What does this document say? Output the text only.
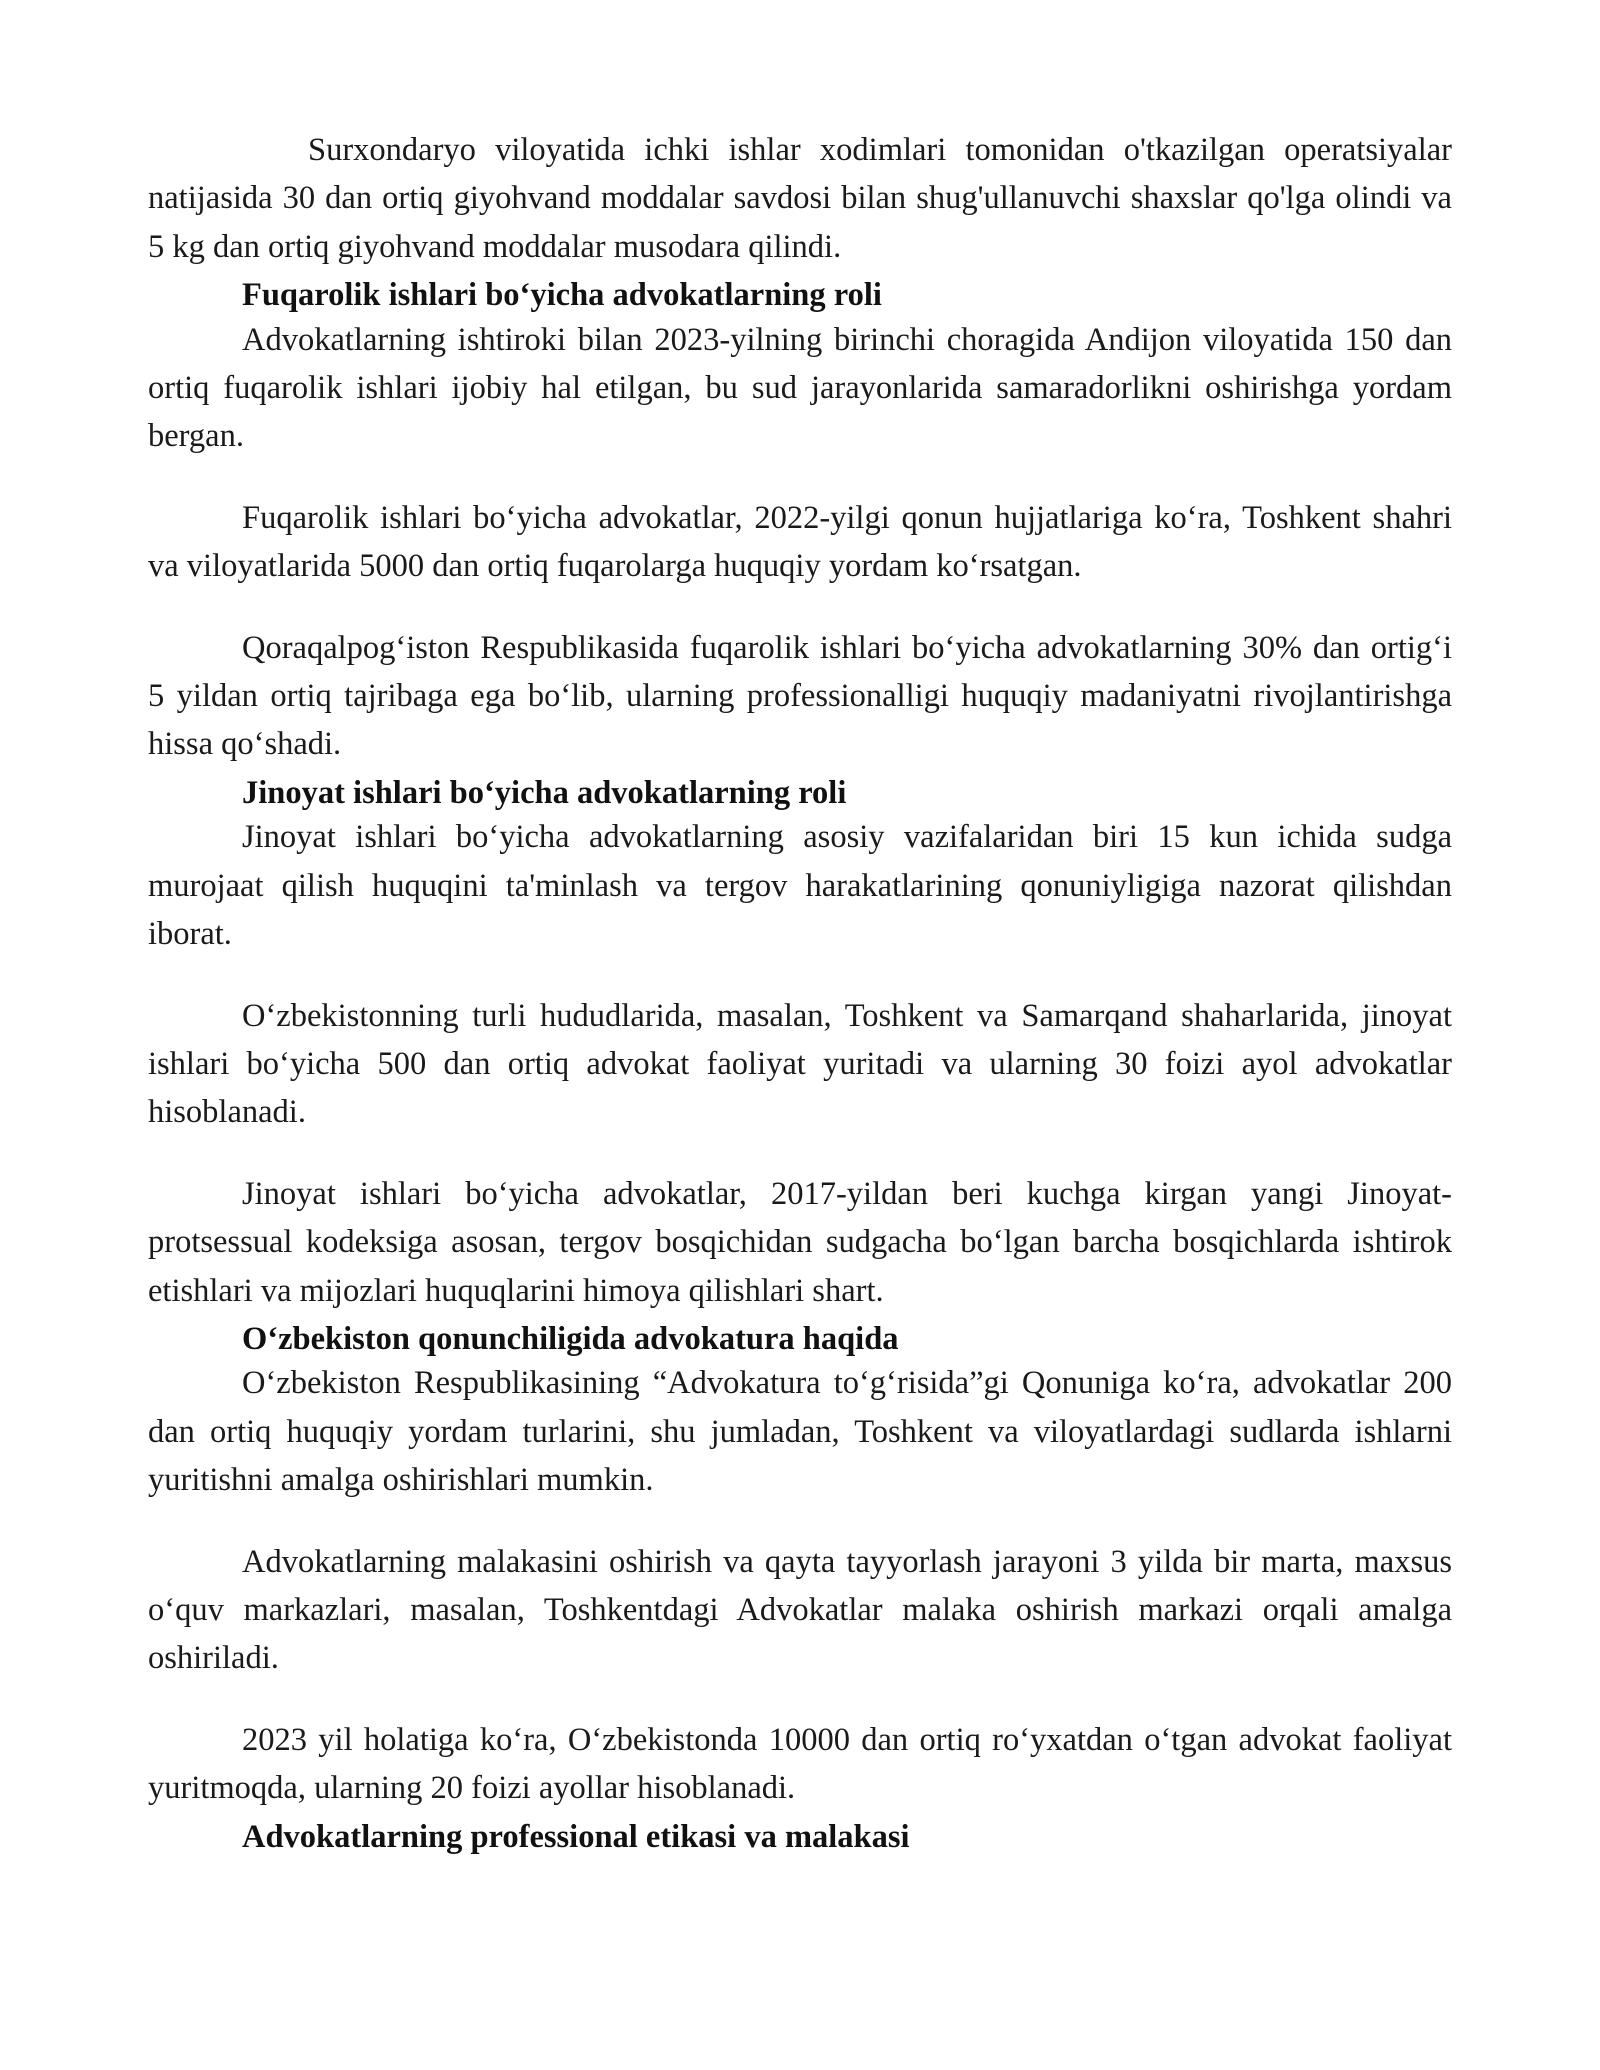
Surxondaryo viloyatida ichki ishlar xodimlari tomonidan o'tkazilgan operatsiyalar natijasida 30 dan ortiq giyohvand moddalar savdosi bilan shug'ullanuvchi shaxslar qo'lga olindi va 5 kg dan ortiq giyohvand moddalar musodara qilindi.

Fuqarolik ishlari bo‘yicha advokatlarning roli

Advokatlarning ishtiroki bilan 2023-yilning birinchi choragida Andijon viloyatida 150 dan ortiq fuqarolik ishlari ijobiy hal etilgan, bu sud jarayonlarida samaradorlikni oshirishga yordam bergan.

Fuqarolik ishlari bo‘yicha advokatlar, 2022-yilgi qonun hujjatlariga ko‘ra, Toshkent shahri va viloyatlarida 5000 dan ortiq fuqarolarga huquqiy yordam ko‘rsatgan.

Qoraqalpog‘iston Respublikasida fuqarolik ishlari bo‘yicha advokatlarning 30% dan ortig‘i 5 yildan ortiq tajribaga ega bo‘lib, ularning professionalligi huquqiy madaniyatni rivojlantirishga hissa qo‘shadi.

Jinoyat ishlari bo‘yicha advokatlarning roli

Jinoyat ishlari bo‘yicha advokatlarning asosiy vazifalaridan biri 15 kun ichida sudga murojaat qilish huquqini ta'minlash va tergov harakatlarining qonuniyligiga nazorat qilishdan iborat.

O‘zbekistonning turli hududlarida, masalan, Toshkent va Samarqand shaharlarida, jinoyat ishlari bo‘yicha 500 dan ortiq advokat faoliyat yuritadi va ularning 30 foizi ayol advokatlar hisoblanadi.

Jinoyat ishlari bo‘yicha advokatlar, 2017-yildan beri kuchga kirgan yangi Jinoyat-protsessual kodeksiga asosan, tergov bosqichidan sudgacha bo‘lgan barcha bosqichlarda ishtirok etishlari va mijozlari huquqlarini himoya qilishlari shart.

O‘zbekiston qonunchiligida advokatura haqida

O‘zbekiston Respublikasining “Advokatura to‘g‘risida”gi Qonuniga ko‘ra, advokatlar 200 dan ortiq huquqiy yordam turlarini, shu jumladan, Toshkent va viloyatlardagi sudlarda ishlarni yuritishni amalga oshirishlari mumkin.

Advokatlarning malakasini oshirish va qayta tayyorlash jarayoni 3 yilda bir marta, maxsus o‘quv markazlari, masalan, Toshkentdagi Advokatlar malaka oshirish markazi orqali amalga oshiriladi.

2023 yil holatiga ko‘ra, O‘zbekistonda 10000 dan ortiq ro‘yxatdan o‘tgan advokat faoliyat yuritmoqda, ularning 20 foizi ayollar hisoblanadi.

Advokatlarning professional etikasi va malakasi
